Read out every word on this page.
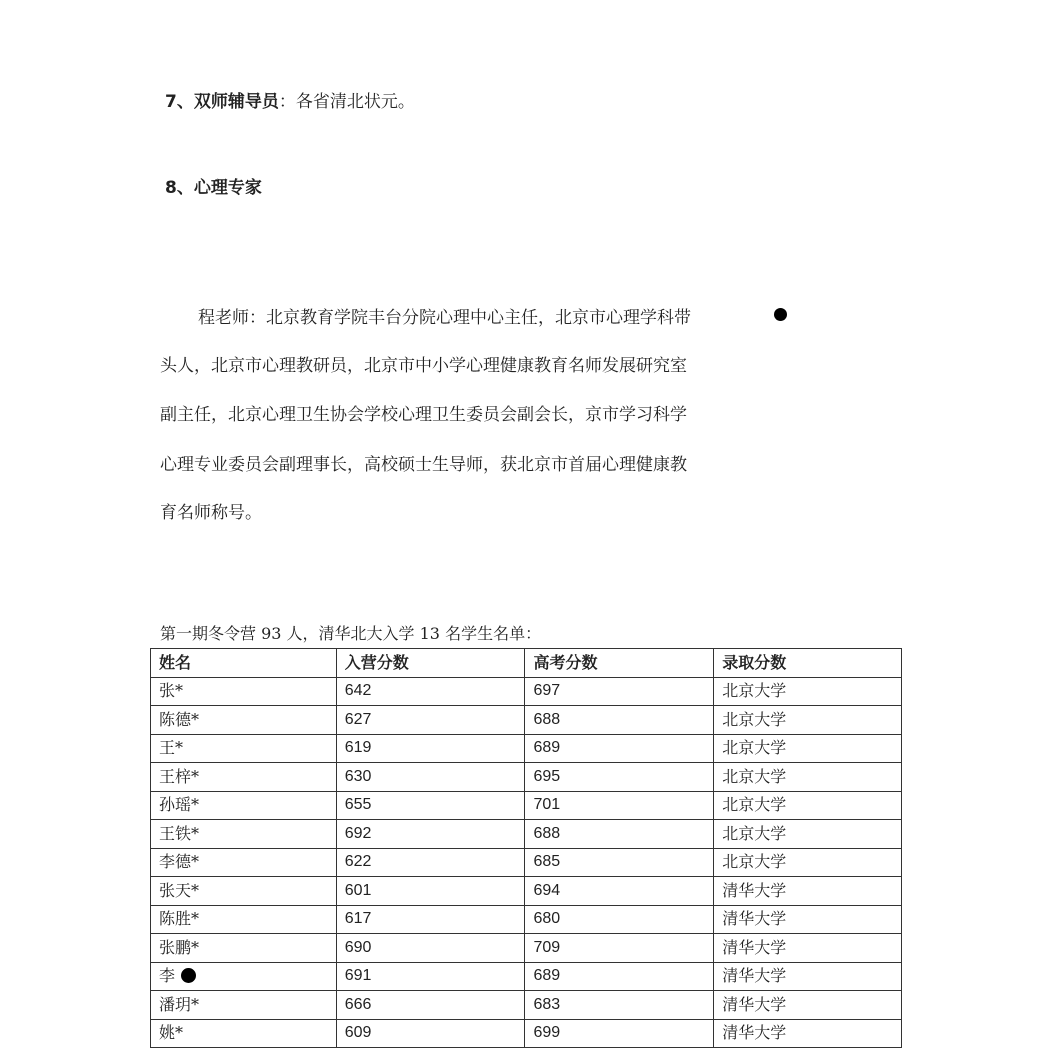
7、双师辅导员：各省清北状元。
8、心理专家
程老师：北京教育学院丰台分院心理中心主任，北京市心理学科带
头人，北京市心理教研员，北京市中小学心理健康教育名师发展研究室
副主任，北京心理卫生协会学校心理卫生委员会副会长，京市学习科学
心理专业委员会副理事长，高校硕士生导师，获北京市首届心理健康教
育名师称号。
第一期冬令营 93 人，清华北大入学 13 名学生名单：
姓名	入营分数	高考分数	录取分数
张*	642	697	北京大学
陈德*	627	688	北京大学
王*	619	689	北京大学
王梓*	630	695	北京大学
孙瑶*	655	701	北京大学
王铁*	692	688	北京大学
李德*	622	685	北京大学
张天*	601	694	清华大学
陈胜*	617	680	清华大学
张鹏*	690	709	清华大学
李	691	689	清华大学
潘玥*	666	683	清华大学
姚*	609	699	清华大学
